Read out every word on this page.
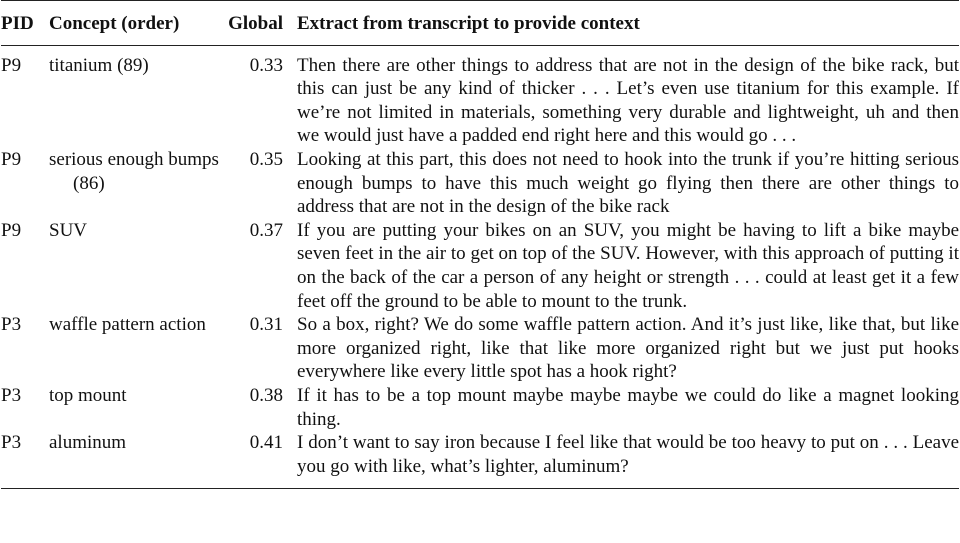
PID	Concept (order)	Global	Extract from transcript to provide context
P9	titanium (89)	0.33	Then there are other things to address that are not in the design of the bike rack, but this can just be any kind of thicker . . . Let’s even use titanium for this example. If we’re not limited in materials, something very durable and lightweight, uh and then we would just have a padded end right here and this would go . . .
P9	serious enough bumps (86)	0.35	Looking at this part, this does not need to hook into the trunk if you’re hitting serious enough bumps to have this much weight go flying then there are other things to address that are not in the design of the bike rack
P9	SUV	0.37	If you are putting your bikes on an SUV, you might be having to lift a bike maybe seven feet in the air to get on top of the SUV. However, with this approach of putting it on the back of the car a person of any height or strength . . . could at least get it a few feet off the ground to be able to mount to the trunk.
P3	waffle pattern action	0.31	So a box, right? We do some waffle pattern action. And it’s just like, like that, but like more organized right, like that like more organized right but we just put hooks everywhere like every little spot has a hook right?
P3	top mount	0.38	If it has to be a top mount maybe maybe maybe we could do like a magnet looking thing.
P3	aluminum	0.41	I don’t want to say iron because I feel like that would be too heavy to put on . . . Leave you go with like, what’s lighter, aluminum?
